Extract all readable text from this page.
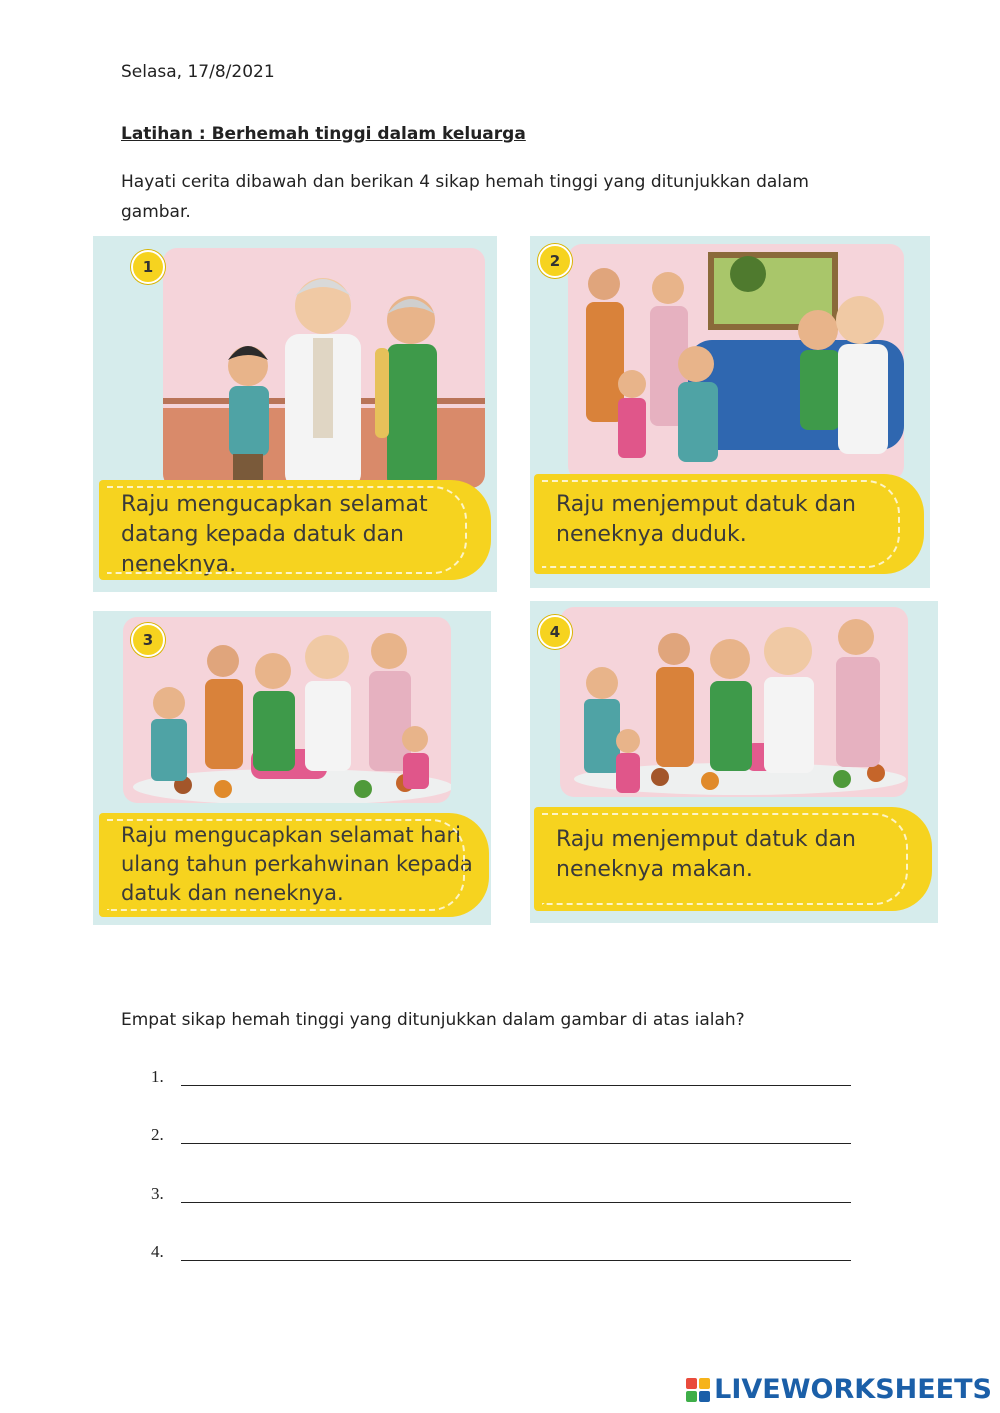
Selasa, 17/8/2021
Latihan : Berhemah tinggi dalam keluarga
Hayati cerita dibawah dan berikan 4 sikap hemah tinggi yang ditunjukkan dalam gambar.
1
Raju mengucapkan selamat datang kepada datuk dan neneknya.
2
Raju menjemput datuk dan neneknya duduk.
3
Raju mengucapkan selamat hari ulang tahun perkahwinan kepada datuk dan neneknya.
4
Raju menjemput datuk dan neneknya makan.
Empat sikap hemah tinggi yang ditunjukkan dalam gambar di atas ialah?
1.
2.
3.
4.
LIVEWORKSHEETS
